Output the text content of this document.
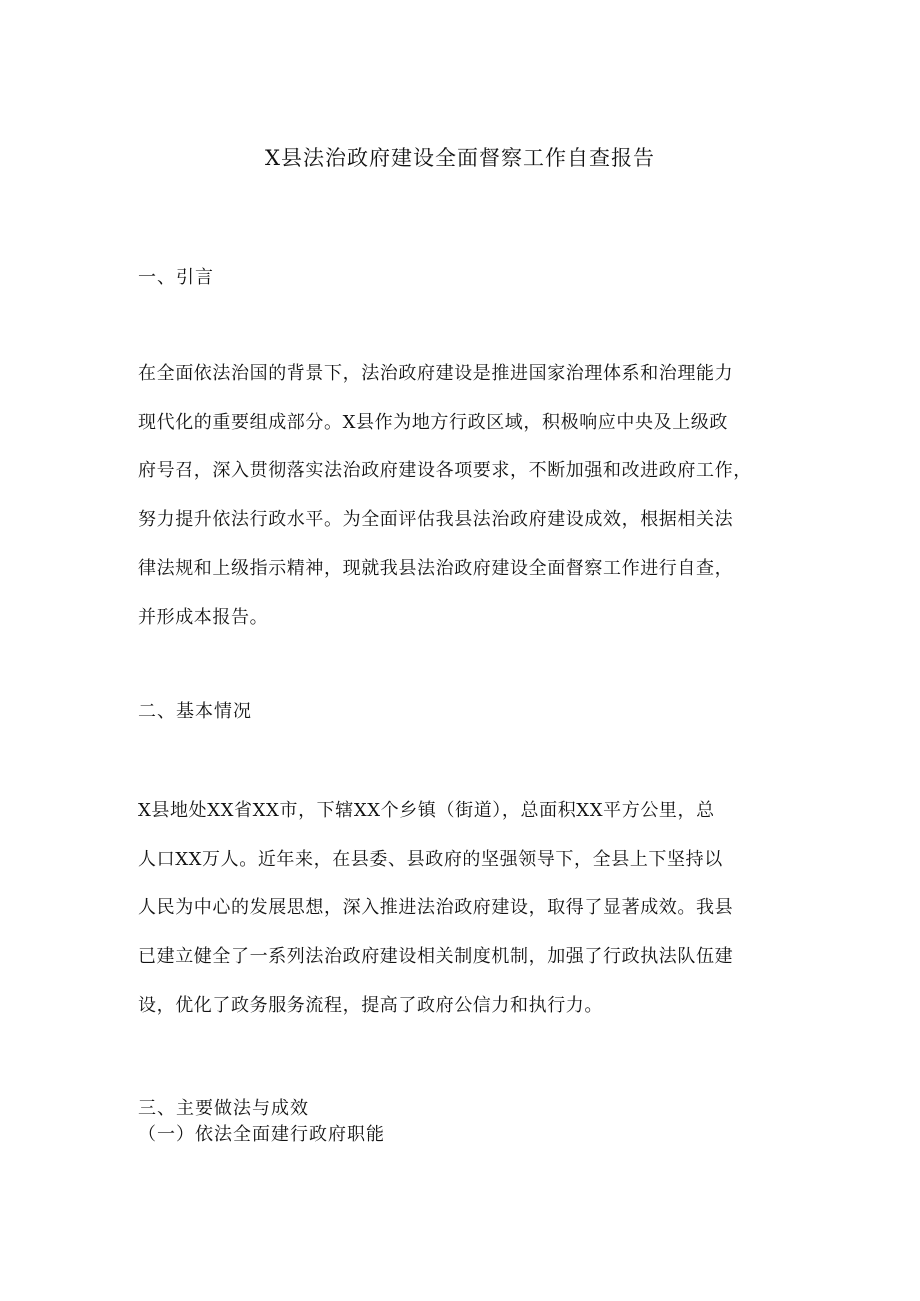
X县法治政府建设全面督察工作自查报告
一、引言
在全面依法治国的背景下，法治政府建设是推进国家治理体系和治理能力
现代化的重要组成部分。X县作为地方行政区域，积极响应中央及上级政
府号召，深入贯彻落实法治政府建设各项要求，不断加强和改进政府工作，
努力提升依法行政水平。为全面评估我县法治政府建设成效，根据相关法
律法规和上级指示精神，现就我县法治政府建设全面督察工作进行自查，
并形成本报告。
二、基本情况
X县地处XX省XX市，下辖XX个乡镇（街道），总面积XX平方公里，总
人口XX万人。近年来，在县委、县政府的坚强领导下，全县上下坚持以
人民为中心的发展思想，深入推进法治政府建设，取得了显著成效。我县
已建立健全了一系列法治政府建设相关制度机制，加强了行政执法队伍建
设，优化了政务服务流程，提高了政府公信力和执行力。
三、主要做法与成效
（一）依法全面建行政府职能
